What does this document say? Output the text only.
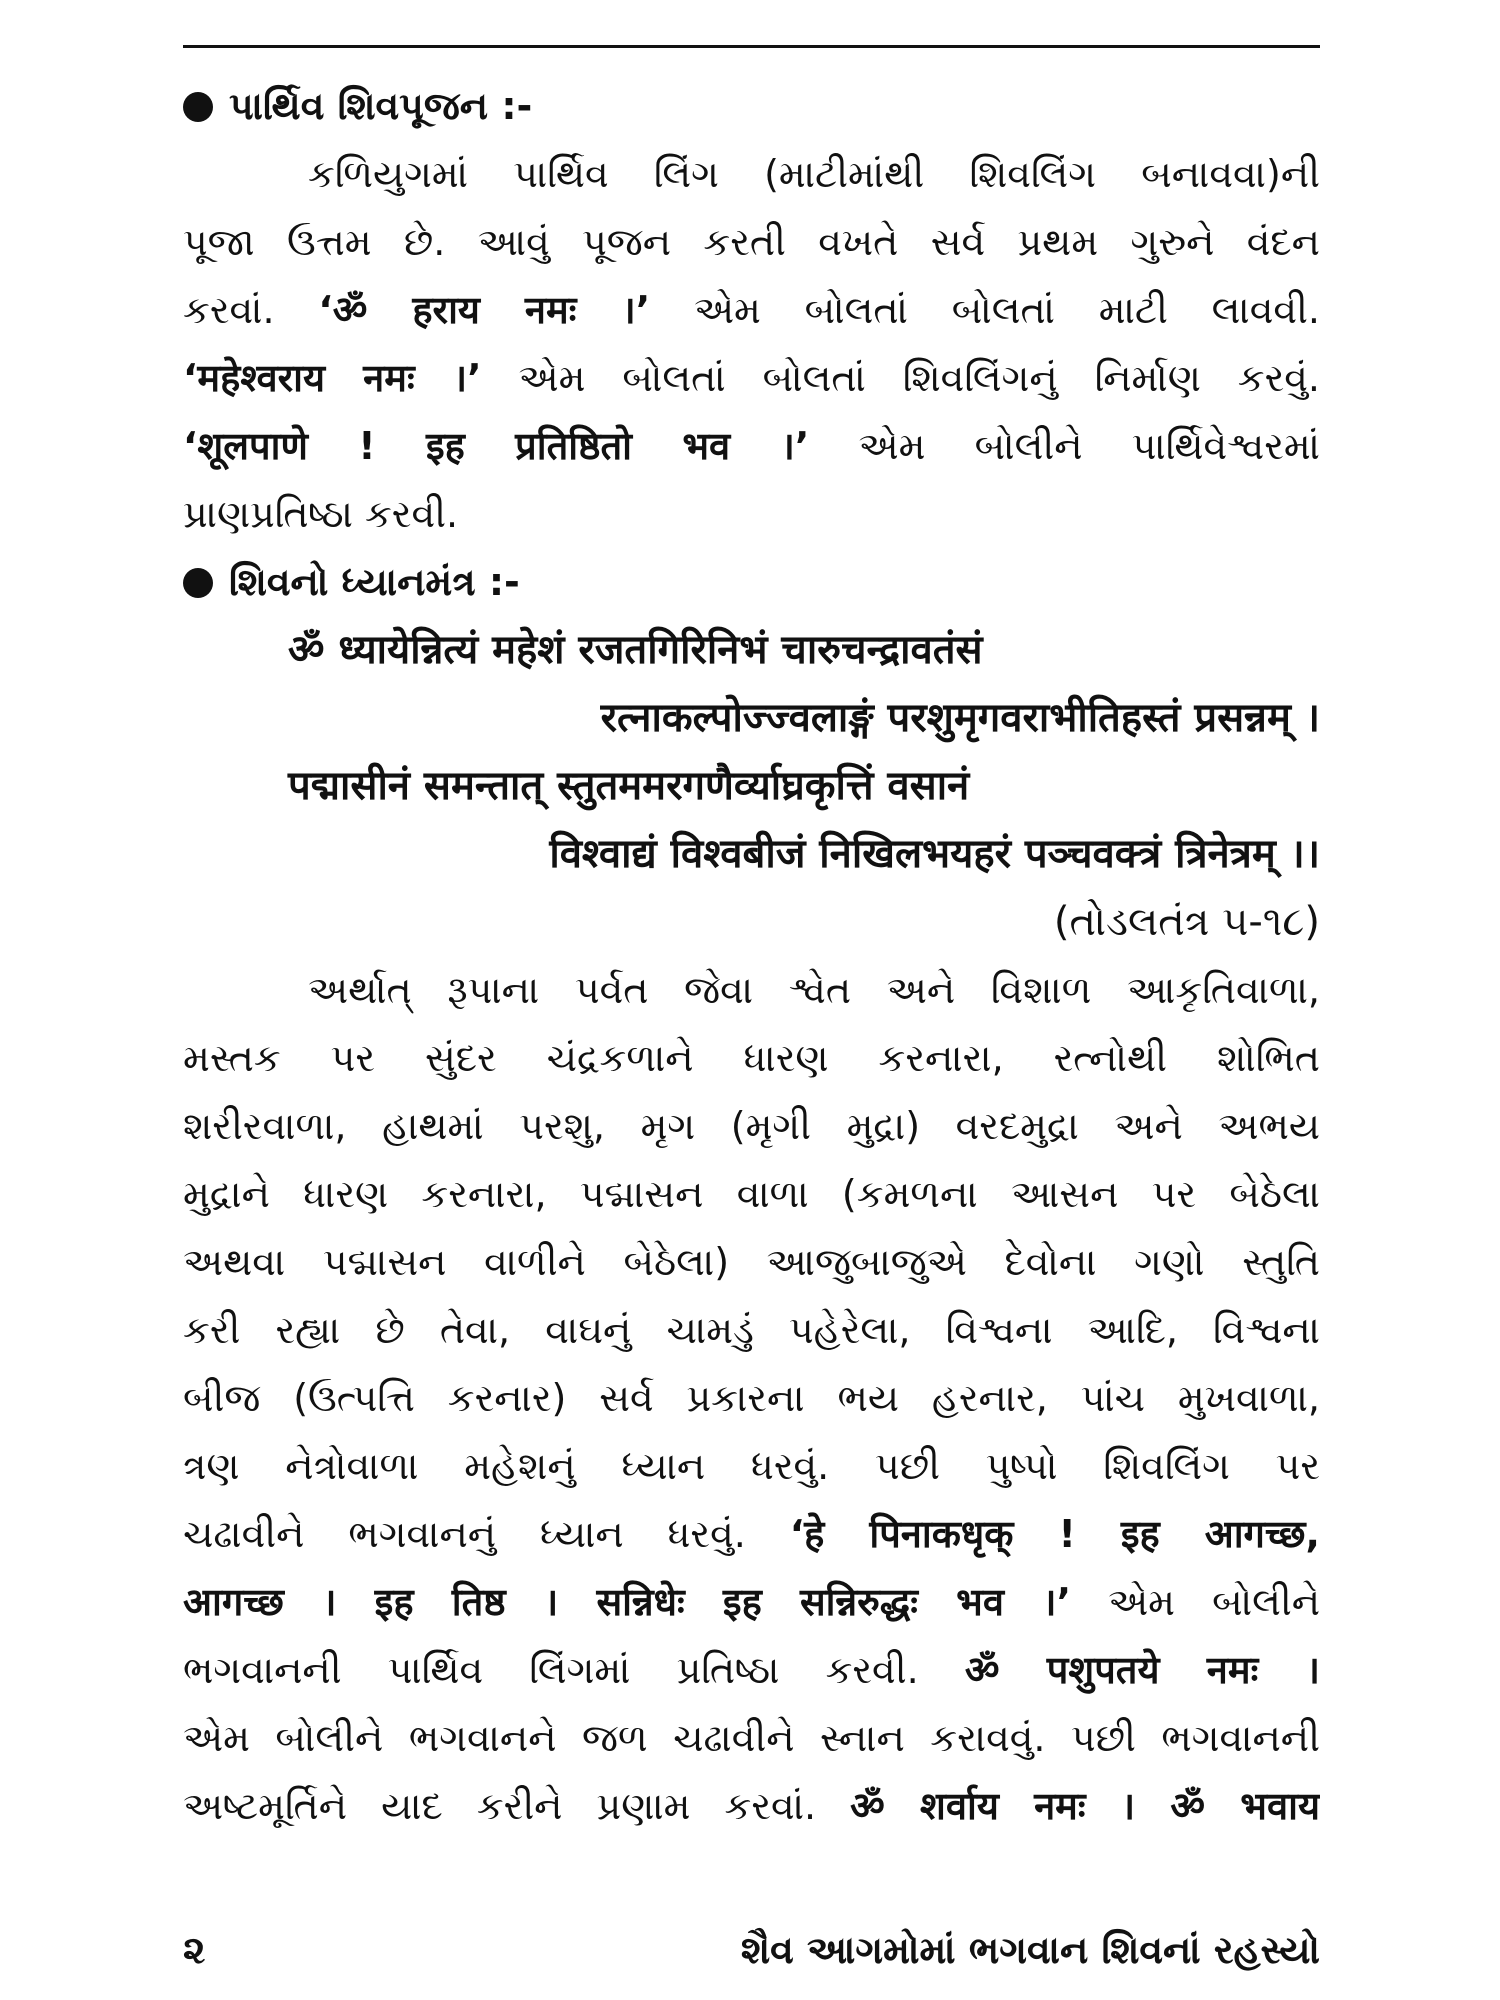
પાર્થિવ શિવપૂજન :-
કળિયુગમાં પાર્થિવ લિંગ (માટીમાંથી શિવલિંગ બનાવવા)ની
પૂજા ઉત્તમ છે. આવું પૂજન કરતી વખતે સર્વ પ્રથમ ગુરુને વંદન
કરવાં. ‘ॐ हराय नमः ।’ એમ બોલતાં બોલતાં માટી લાવવી.
‘महेश्वराय नमः ।’ એમ બોલતાં બોલતાં શિવલિંગનું નિર્માણ કરવું.
‘शूलपाणे ! इह प्रतिष्ठितो भव ।’ એમ બોલીને પાર્થિવેશ્વરમાં
પ્રાણપ્રતિષ્ઠા કરવી.
શિવનો ધ્યાનમંત્ર :-
ॐ ध्यायेन्नित्यं महेशं रजतगिरिनिभं चारुचन्द्रावतंसं
रत्नाकल्पोज्ज्वलाङ्गं परशुमृगवराभीतिहस्तं प्रसन्नम् ।
पद्मासीनं समन्तात् स्तुतममरगणैर्व्याघ्रकृत्तिं वसानं
विश्वाद्यं विश्वबीजं निखिलभयहरं पञ्चवक्त्रं त्रिनेत्रम् ।।
(તોડલતંત્ર ૫-૧૮)
અર્થાત્ રૂપાના પર્વત જેવા શ્વેત અને વિશાળ આકૃતિવાળા,
મસ્તક પર સુંદર ચંદ્રકળાને ધારણ કરનારા, રત્નોથી શોભિત
શરીરવાળા, હાથમાં પરશુ, મૃગ (મૃગી મુદ્રા) વરદમુદ્રા અને અભય
મુદ્રાને ધારણ કરનારા, પદ્માસન વાળા (કમળના આસન પર બેઠેલા
અથવા પદ્માસન વાળીને બેઠેલા) આજુબાજુએ દેવોના ગણો સ્તુતિ
કરી રહ્યા છે તેવા, વાઘનું ચામડું પહેરેલા, વિશ્વના આદિ, વિશ્વના
બીજ (ઉત્પત્તિ કરનાર) સર્વ પ્રકારના ભય હરનાર, પાંચ મુખવાળા,
ત્રણ નેત્રોવાળા મહેશનું ધ્યાન ધરવું. પછી પુષ્પો શિવલિંગ પર
ચઢાવીને ભગવાનનું ધ્યાન ધરવું. ‘हे पिनाकधृक् ! इह आगच्छ,
आगच्छ । इह तिष्ठ । सन्निधेः इह सन्निरुद्धः भव ।’ એમ બોલીને
ભગવાનની પાર્થિવ લિંગમાં પ્રતિષ્ઠા કરવી. ॐ पशुपतये नमः ।
એમ બોલીને ભગવાનને જળ ચઢાવીને સ્નાન કરાવવું. પછી ભગવાનની
અષ્ટમૂર્તિને યાદ કરીને પ્રણામ કરવાં. ॐ शर्वाय नमः । ॐ भवाय
૨	શૈવ આગમોમાં ભગવાન શિવનાં રહસ્યો
